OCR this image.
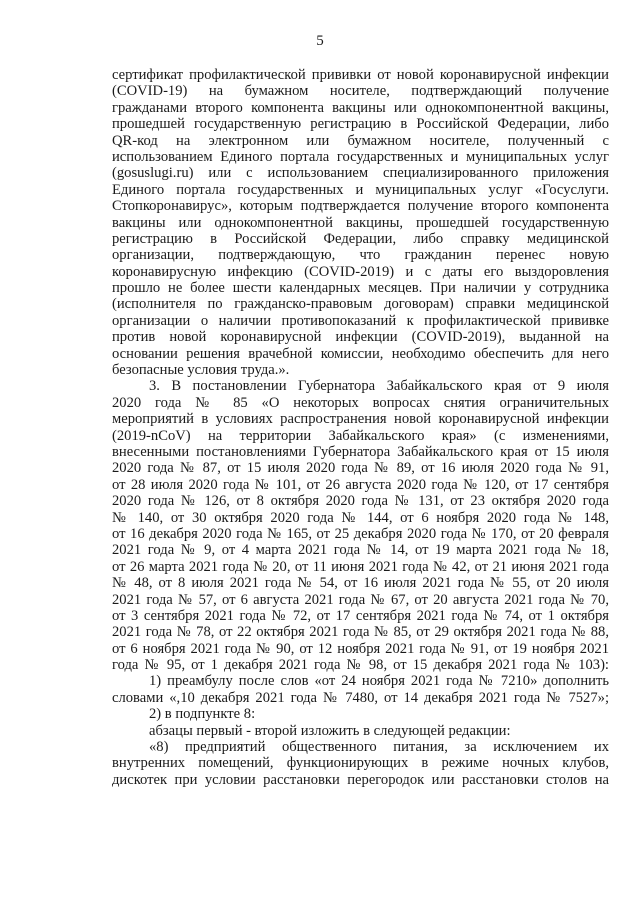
5
сертификат профилактической прививки от новой коронавирусной инфекции
(COVID-19) на бумажном носителе, подтверждающий получение
гражданами второго компонента вакцины или однокомпонентной вакцины,
прошедшей государственную регистрацию в Российской Федерации, либо
QR-код на электронном или бумажном носителе, полученный с
использованием Единого портала государственных и муниципальных услуг
(gosuslugi.ru) или с использованием специализированного приложения
Единого портала государственных и муниципальных услуг «Госуслуги.
Стопкоронавирус», которым подтверждается получение второго компонента
вакцины или однокомпонентной вакцины, прошедшей государственную
регистрацию в Российской Федерации, либо справку медицинской
организации, подтверждающую, что гражданин перенес новую
коронавирусную инфекцию (COVID-2019) и с даты его выздоровления
прошло не более шести календарных месяцев. При наличии у сотрудника
(исполнителя по гражданско-правовым договорам) справки медицинской
организации о наличии противопоказаний к профилактической прививке
против новой коронавирусной инфекции (COVID-2019), выданной на
основании решения врачебной комиссии, необходимо обеспечить для него
безопасные условия труда.».
3. В постановлении Губернатора Забайкальского края от 9 июля
2020 года № 85 «О некоторых вопросах снятия ограничительных
мероприятий в условиях распространения новой коронавирусной инфекции
(2019-nCoV) на территории Забайкальского края» (с изменениями,
внесенными постановлениями Губернатора Забайкальского края от 15 июля
2020 года № 87, от 15 июля 2020 года № 89, от 16 июля 2020 года № 91,
от 28 июля 2020 года № 101, от 26 августа 2020 года № 120, от 17 сентября
2020 года № 126, от 8 октября 2020 года № 131, от 23 октября 2020 года
№ 140, от 30 октября 2020 года № 144, от 6 ноября 2020 года № 148,
от 16 декабря 2020 года № 165, от 25 декабря 2020 года № 170, от 20 февраля
2021 года № 9, от 4 марта 2021 года № 14, от 19 марта 2021 года № 18,
от 26 марта 2021 года № 20, от 11 июня 2021 года № 42, от 21 июня 2021 года
№ 48, от 8 июля 2021 года № 54, от 16 июля 2021 года № 55, от 20 июля
2021 года № 57, от 6 августа 2021 года № 67, от 20 августа 2021 года № 70,
от 3 сентября 2021 года № 72, от 17 сентября 2021 года № 74, от 1 октября
2021 года № 78, от 22 октября 2021 года № 85, от 29 октября 2021 года № 88,
от 6 ноября 2021 года № 90, от 12 ноября 2021 года № 91, от 19 ноября 2021
года № 95, от 1 декабря 2021 года № 98, от 15 декабря 2021 года № 103):
1) преамбулу после слов «от 24 ноября 2021 года № 7210» дополнить
словами «,10 декабря 2021 года № 7480, от 14 декабря 2021 года № 7527»;
2) в подпункте 8:
абзацы первый - второй изложить в следующей редакции:
«8) предприятий общественного питания, за исключением их
внутренних помещений, функционирующих в режиме ночных клубов,
дискотек при условии расстановки перегородок или расстановки столов на
